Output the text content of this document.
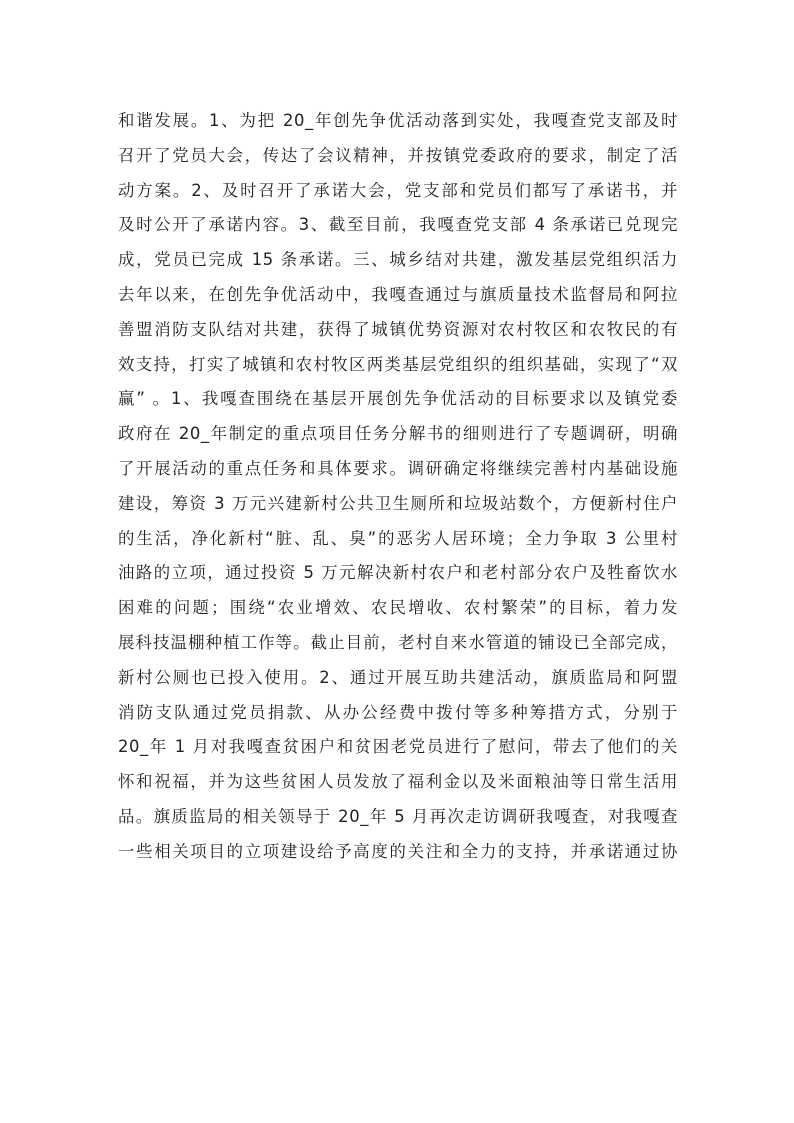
和谐发展。1、为把 20_年创先争优活动落到实处，我嘎查党支部及时
召开了党员大会，传达了会议精神，并按镇党委政府的要求，制定了活
动方案。2、及时召开了承诺大会，党支部和党员们都写了承诺书，并
及时公开了承诺内容。3、截至目前，我嘎查党支部 4 条承诺已兑现完
成，党员已完成 15 条承诺。三、城乡结对共建，激发基层党组织活力
去年以来，在创先争优活动中，我嘎查通过与旗质量技术监督局和阿拉
善盟消防支队结对共建，获得了城镇优势资源对农村牧区和农牧民的有
效支持，打实了城镇和农村牧区两类基层党组织的组织基础，实现了“双
赢” 。1、我嘎查围绕在基层开展创先争优活动的目标要求以及镇党委
政府在 20_年制定的重点项目任务分解书的细则进行了专题调研，明确
了开展活动的重点任务和具体要求。调研确定将继续完善村内基础设施
建设，筹资 3 万元兴建新村公共卫生厕所和垃圾站数个，方便新村住户
的生活，净化新村“脏、乱、臭”的恶劣人居环境；全力争取 3 公里村
油路的立项，通过投资 5 万元解决新村农户和老村部分农户及牲畜饮水
困难的问题；围绕“农业增效、农民增收、农村繁荣”的目标，着力发
展科技温棚种植工作等。截止目前，老村自来水管道的铺设已全部完成，
新村公厕也已投入使用。2、通过开展互助共建活动，旗质监局和阿盟
消防支队通过党员捐款、从办公经费中拨付等多种筹措方式，分别于
20_年 1 月对我嘎查贫困户和贫困老党员进行了慰问，带去了他们的关
怀和祝福，并为这些贫困人员发放了福利金以及米面粮油等日常生活用
品。旗质监局的相关领导于 20_年 5 月再次走访调研我嘎查，对我嘎查
一些相关项目的立项建设给予高度的关注和全力的支持，并承诺通过协
